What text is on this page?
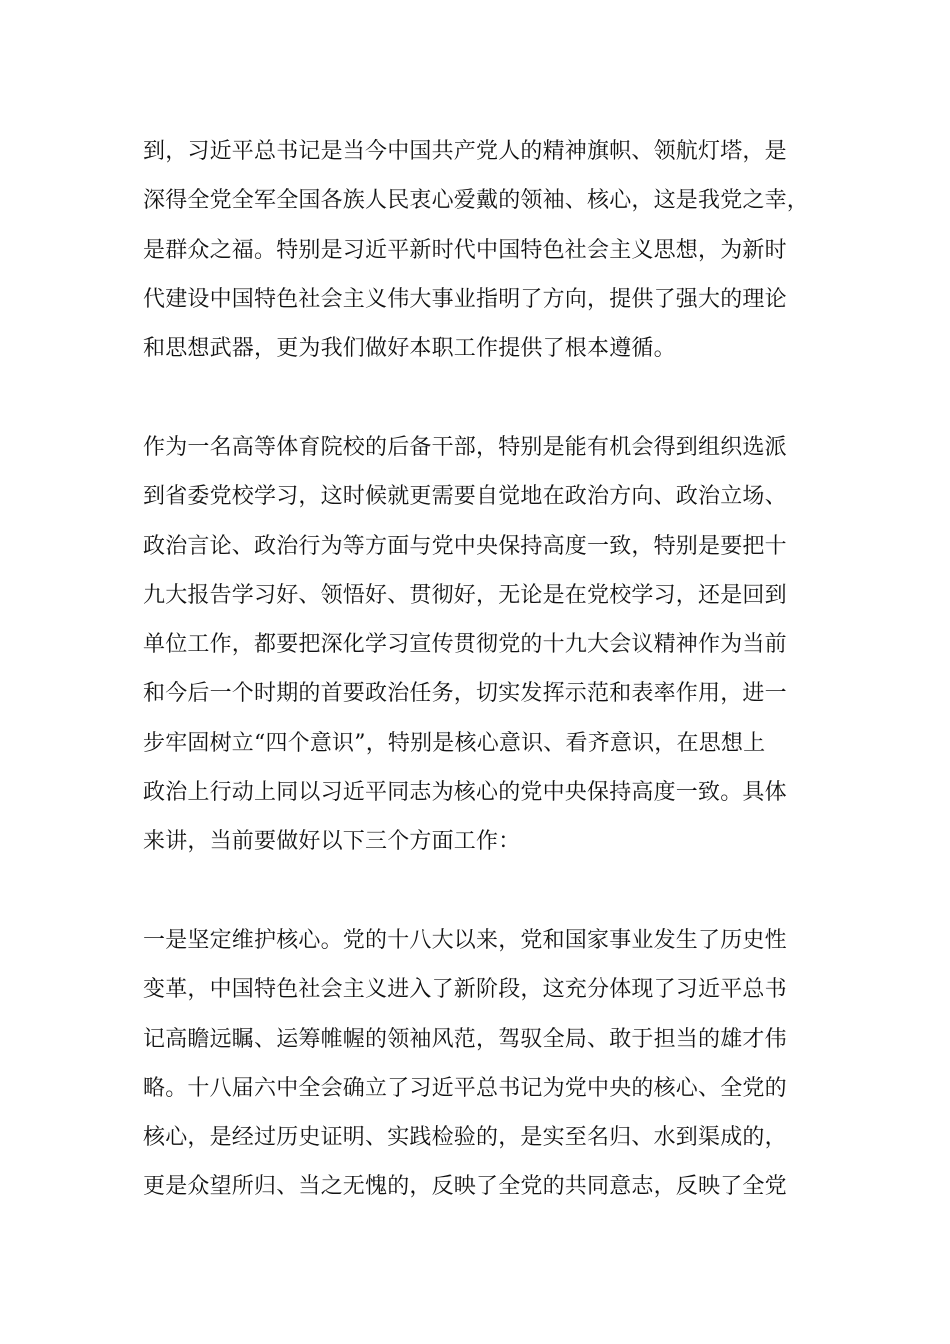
到，习近平总书记是当今中国共产党人的精神旗帜、领航灯塔，是
深得全党全军全国各族人民衷心爱戴的领袖、核心，这是我党之幸，
是群众之福。特别是习近平新时代中国特色社会主义思想，为新时
代建设中国特色社会主义伟大事业指明了方向，提供了强大的理论
和思想武器，更为我们做好本职工作提供了根本遵循。
作为一名高等体育院校的后备干部，特别是能有机会得到组织选派
到省委党校学习，这时候就更需要自觉地在政治方向、政治立场、
政治言论、政治行为等方面与党中央保持高度一致，特别是要把十
九大报告学习好、领悟好、贯彻好，无论是在党校学习，还是回到
单位工作，都要把深化学习宣传贯彻党的十九大会议精神作为当前
和今后一个时期的首要政治任务，切实发挥示范和表率作用，进一
步牢固树立“四个意识”，特别是核心意识、看齐意识，在思想上
政治上行动上同以习近平同志为核心的党中央保持高度一致。具体
来讲，当前要做好以下三个方面工作：
一是坚定维护核心。党的十八大以来，党和国家事业发生了历史性
变革，中国特色社会主义进入了新阶段，这充分体现了习近平总书
记高瞻远瞩、运筹帷幄的领袖风范，驾驭全局、敢于担当的雄才伟
略。十八届六中全会确立了习近平总书记为党中央的核心、全党的
核心，是经过历史证明、实践检验的，是实至名归、水到渠成的，
更是众望所归、当之无愧的，反映了全党的共同意志，反映了全党
